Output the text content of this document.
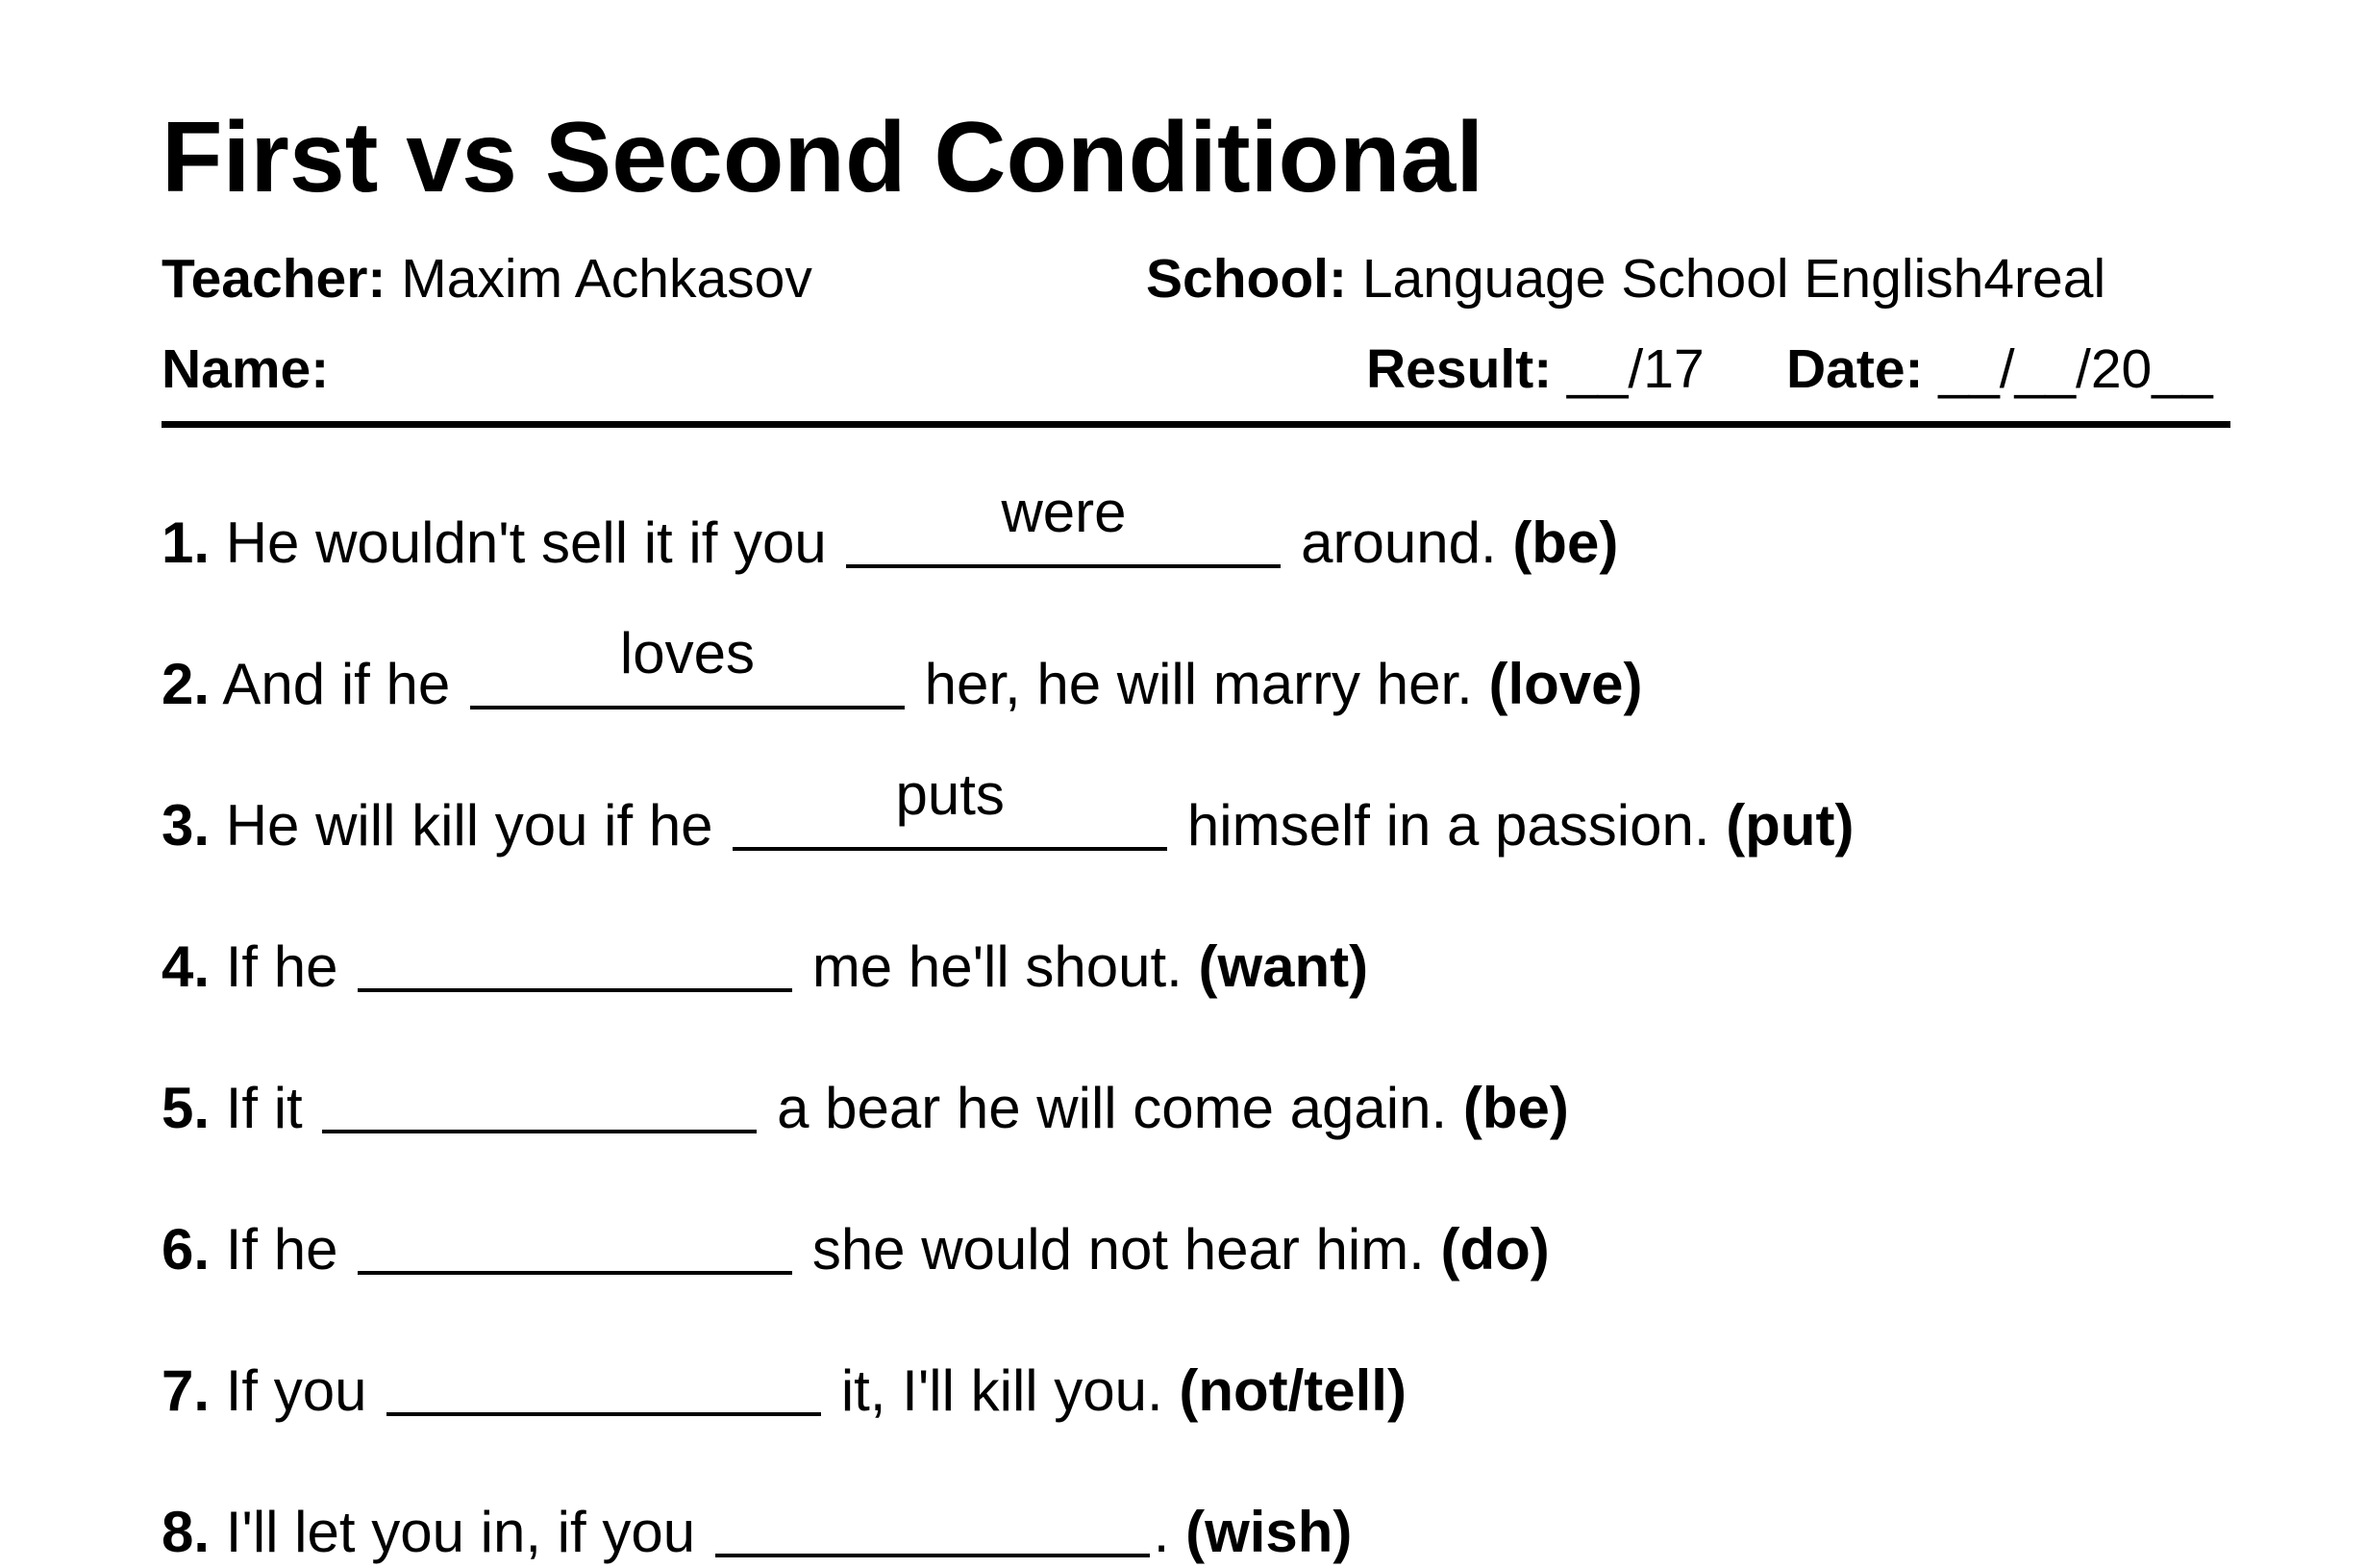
First vs Second Conditional
Teacher: Maxim Achkasov	School: Language School English4real
Name:	Result: __/17 Date: __/__/20__
1. He wouldn't sell it if you	were	around. (be)
2. And if he	loves	her, he will marry her. (love)
3. He will kill you if he	puts	himself in a passion. (put)
4. If he	me he'll shout. (want)
5. If it	a bear he will come again. (be)
6. If he	she would not hear him. (do)
7. If you	it, I'll kill you. (not/tell)
8. I'll let you in, if you	. (wish)
